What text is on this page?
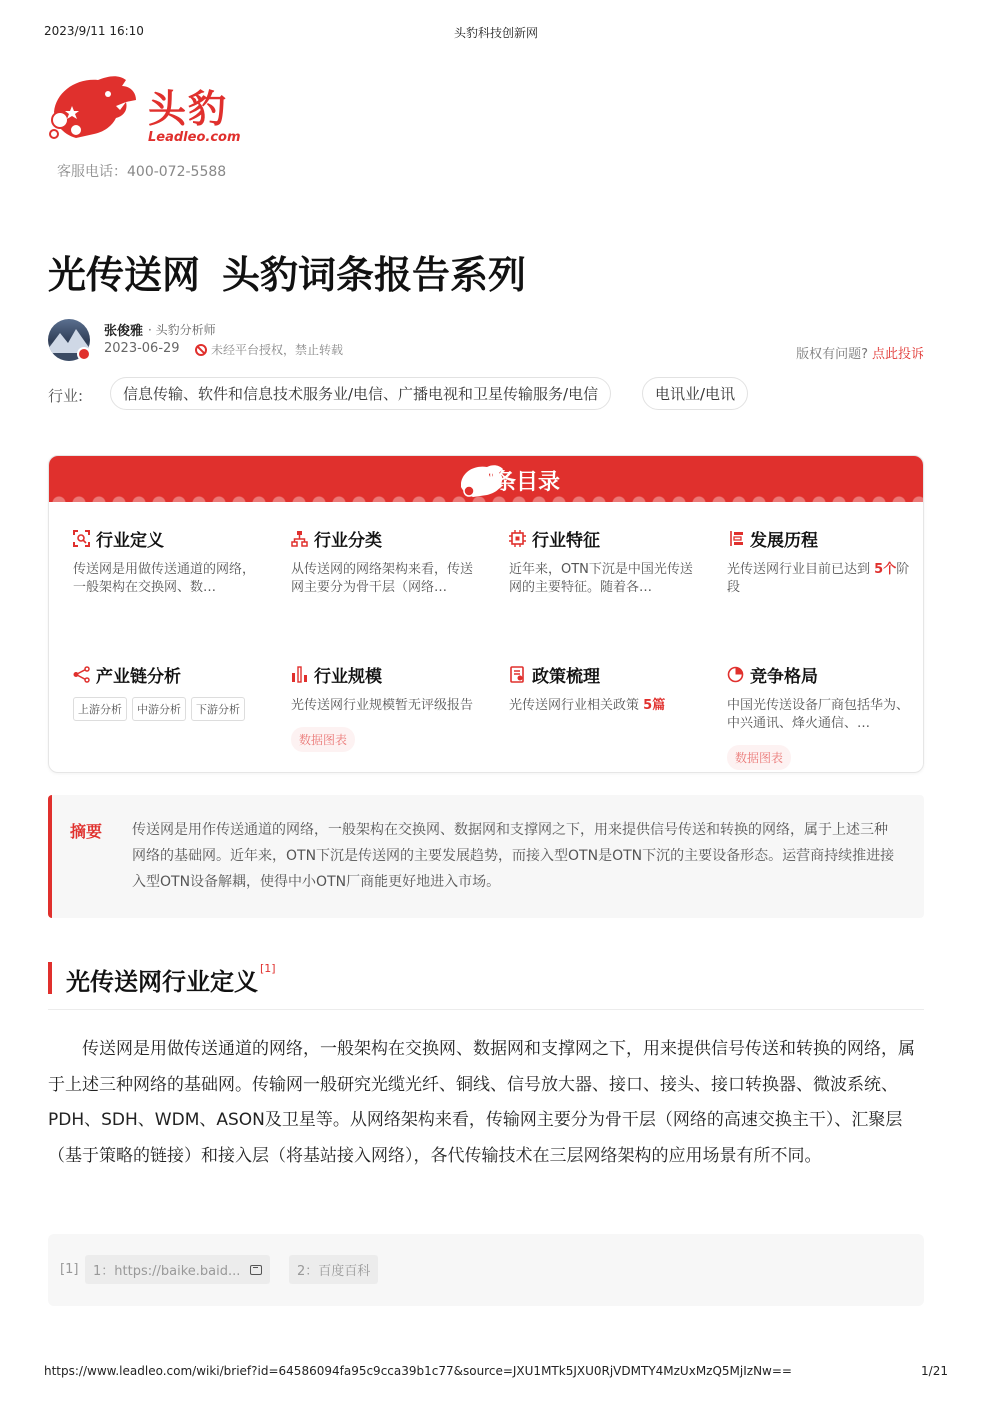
2023/9/11 16:10	头豹科技创新网
头豹
Leadleo.com
客服电话：400-072-5588
光传送网 头豹词条报告系列
张俊雅 · 头豹分析师
2023-06-29	未经平台授权，禁止转载	版权有问题? 点此投诉
行业:	信息传输、软件和信息技术服务业/电信、广播电视和卫星传输服务/电信	电讯业/电讯
词条目录
行业定义
传送网是用做传送通道的网络，一般架构在交换网、数…
行业分类
从传送网的网络架构来看，传送网主要分为骨干层（网络…
行业特征
近年来，OTN下沉是中国光传送网的主要特征。随着各…
发展历程
光传送网行业目前已达到 5个阶段
产业链分析
上游分析	中游分析	下游分析
行业规模
光传送网行业规模暂无评级报告
数据图表
政策梳理
光传送网行业相关政策 5篇
竞争格局
中国光传送设备厂商包括华为、中兴通讯、烽火通信、…
数据图表
摘要 传送网是用作传送通道的网络，一般架构在交换网、数据网和支撑网之下，用来提供信号传送和转换的网络，属于上述三种网络的基础网。近年来，OTN下沉是传送网的主要发展趋势，而接入型OTN是OTN下沉的主要设备形态。运营商持续推进接入型OTN设备解耦，使得中小OTN厂商能更好地进入市场。
光传送网行业定义 [1]
传送网是用做传送通道的网络，一般架构在交换网、数据网和支撑网之下，用来提供信号传送和转换的网络，属于上述三种网络的基础网。传输网一般研究光缆光纤、铜线、信号放大器、接口、接头、接口转换器、微波系统、PDH、SDH、WDM、ASON及卫星等。从网络架构来看，传输网主要分为骨干层（网络的高速交换主干）、汇聚层（基于策略的链接）和接入层（将基站接入网络），各代传输技术在三层网络架构的应用场景有所不同。
[1] 1：https://baike.baid...	2：百度百科
https://www.leadleo.com/wiki/brief?id=64586094fa95c9cca39b1c77&source=JXU1MTk5JXU0RjVDMTY4MzUxMzQ5MjIzNw==	1/21
